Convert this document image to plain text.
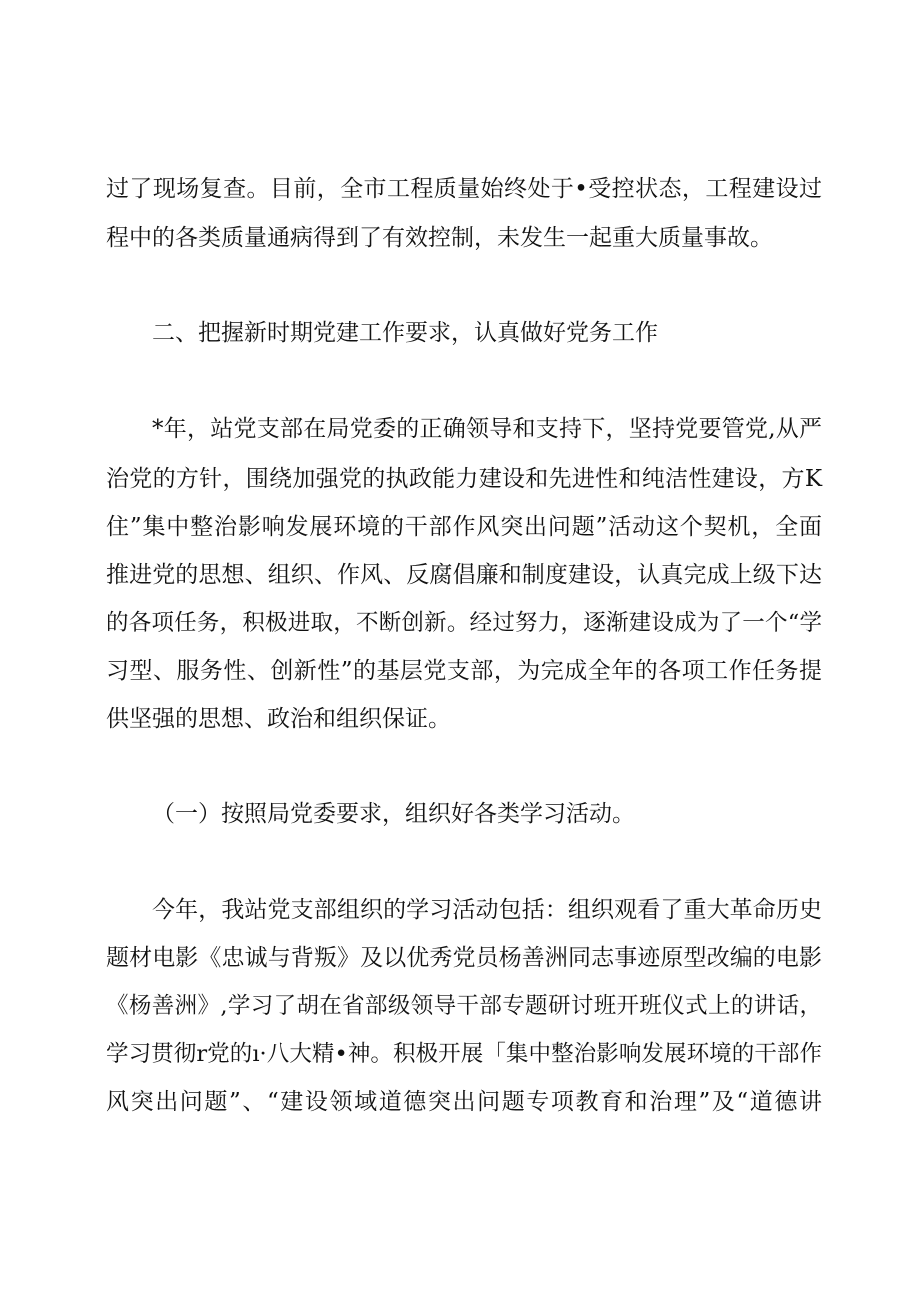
过了现场复查。目前，全市工程质量始终处于•受控状态，工程建设过
程中的各类质量通病得到了有效控制，未发生一起重大质量事故。
二、把握新时期党建工作要求，认真做好党务工作
*年，站党支部在局党委的正确领导和支持下，坚持党要管党,从严
治党的方针，围绕加强党的执政能力建设和先进性和纯洁性建设，方K
住”集中整治影响发展环境的干部作风突出问题”活动这个契机，全面
推进党的思想、组织、作风、反腐倡廉和制度建设，认真完成上级下达
的各项任务，积极进取，不断创新。经过努力，逐渐建设成为了一个“学
习型、服务性、创新性”的基层党支部，为完成全年的各项工作任务提
供坚强的思想、政治和组织保证。
（一）按照局党委要求，组织好各类学习活动。
今年，我站党支部组织的学习活动包括：组织观看了重大革命历史
题材电影《忠诚与背叛》及以优秀党员杨善洲同志事迹原型改编的电影
《杨善洲》,学习了胡在省部级领导干部专题研讨班开班仪式上的讲话，
学习贯彻r党的ı·八大精•神。积极开展「集中整治影响发展环境的干部作
风突出问题”、“建设领域道德突出问题专项教育和治理”及“道德讲
